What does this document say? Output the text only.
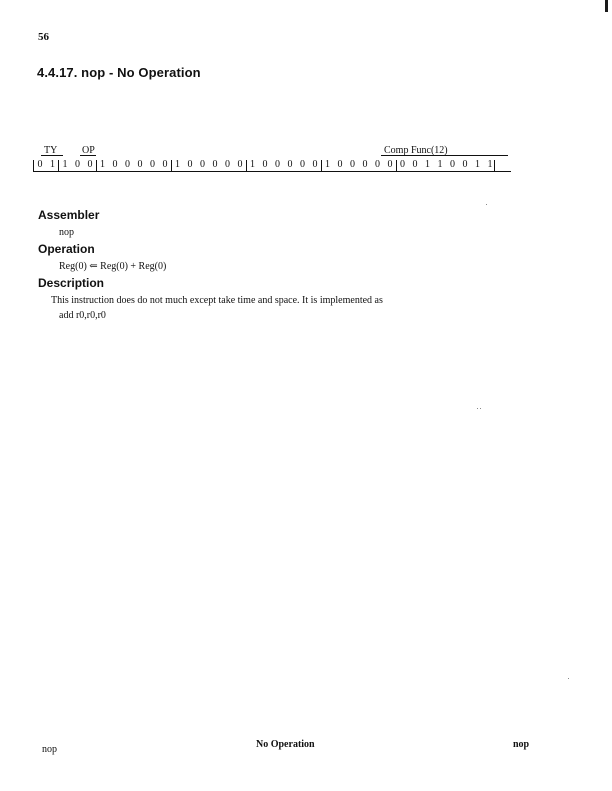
56
4.4.17. nop - No Operation
TY OP	Comp Func(12)
0 1 1 0 0 1 0 0 0 0 0 1 0 0 0 0 0 1 0 0 0 0 0 1 0 0 0 0 0 0 0 1 1 0 0 1 1
Assembler
nop
Operation
Reg(0) ⇐ Reg(0) + Reg(0)
Description
This instruction does do not much except take time and space. It is implemented as
add r0,r0,r0
nop	No Operation	nop
